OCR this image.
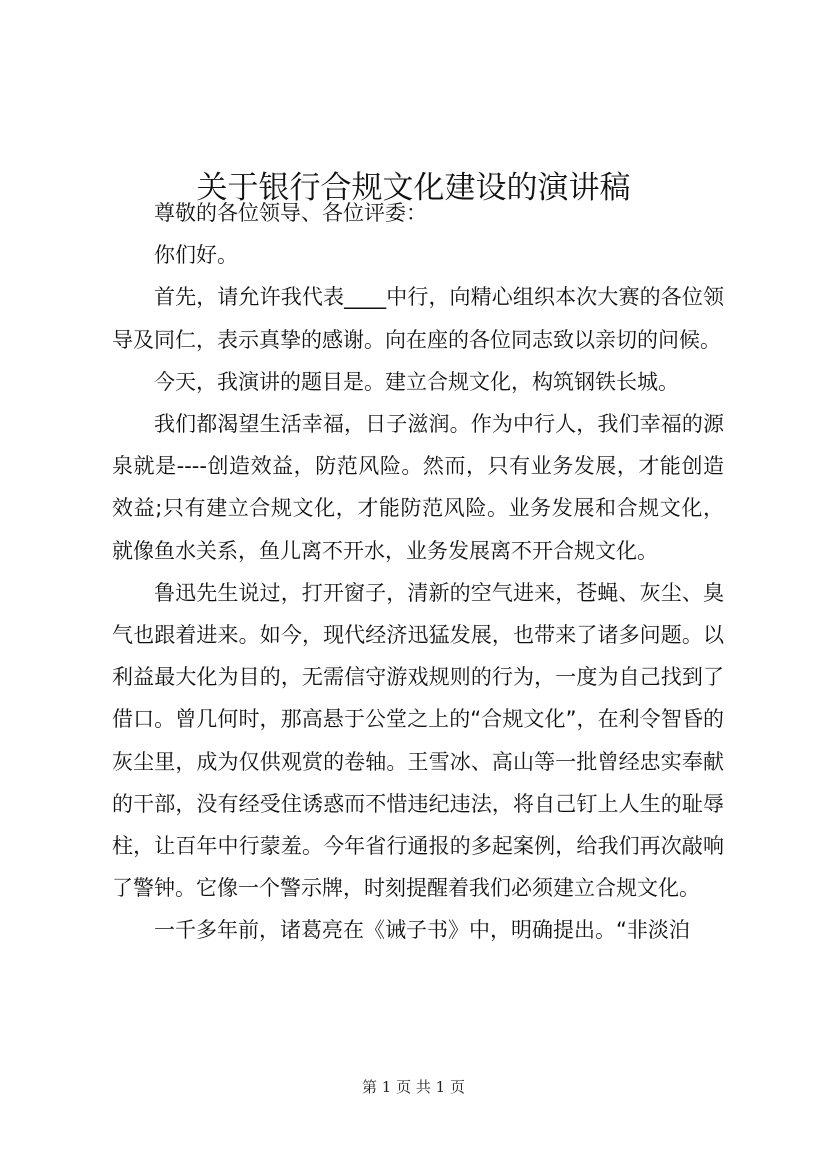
关于银行合规文化建设的演讲稿

尊敬的各位领导、各位评委：

你们好。

首先，请允许我代表____中行，向精心组织本次大赛的各位领导及同仁，表示真挚的感谢。向在座的各位同志致以亲切的问候。

今天，我演讲的题目是。建立合规文化，构筑钢铁长城。

我们都渴望生活幸福，日子滋润。作为中行人，我们幸福的源泉就是----创造效益，防范风险。然而，只有业务发展，才能创造效益;只有建立合规文化，才能防范风险。业务发展和合规文化，就像鱼水关系，鱼儿离不开水，业务发展离不开合规文化。

鲁迅先生说过，打开窗子，清新的空气进来，苍蝇、灰尘、臭气也跟着进来。如今，现代经济迅猛发展，也带来了诸多问题。以利益最大化为目的，无需信守游戏规则的行为，一度为自己找到了借口。曾几何时，那高悬于公堂之上的“合规文化”，在利令智昏的灰尘里，成为仅供观赏的卷轴。王雪冰、高山等一批曾经忠实奉献的干部，没有经受住诱惑而不惜违纪违法，将自己钉上人生的耻辱柱，让百年中行蒙羞。今年省行通报的多起案例，给我们再次敲响了警钟。它像一个警示牌，时刻提醒着我们必须建立合规文化。

一千多年前，诸葛亮在《诫子书》中，明确提出。“非淡泊

第 1 页 共 1 页
